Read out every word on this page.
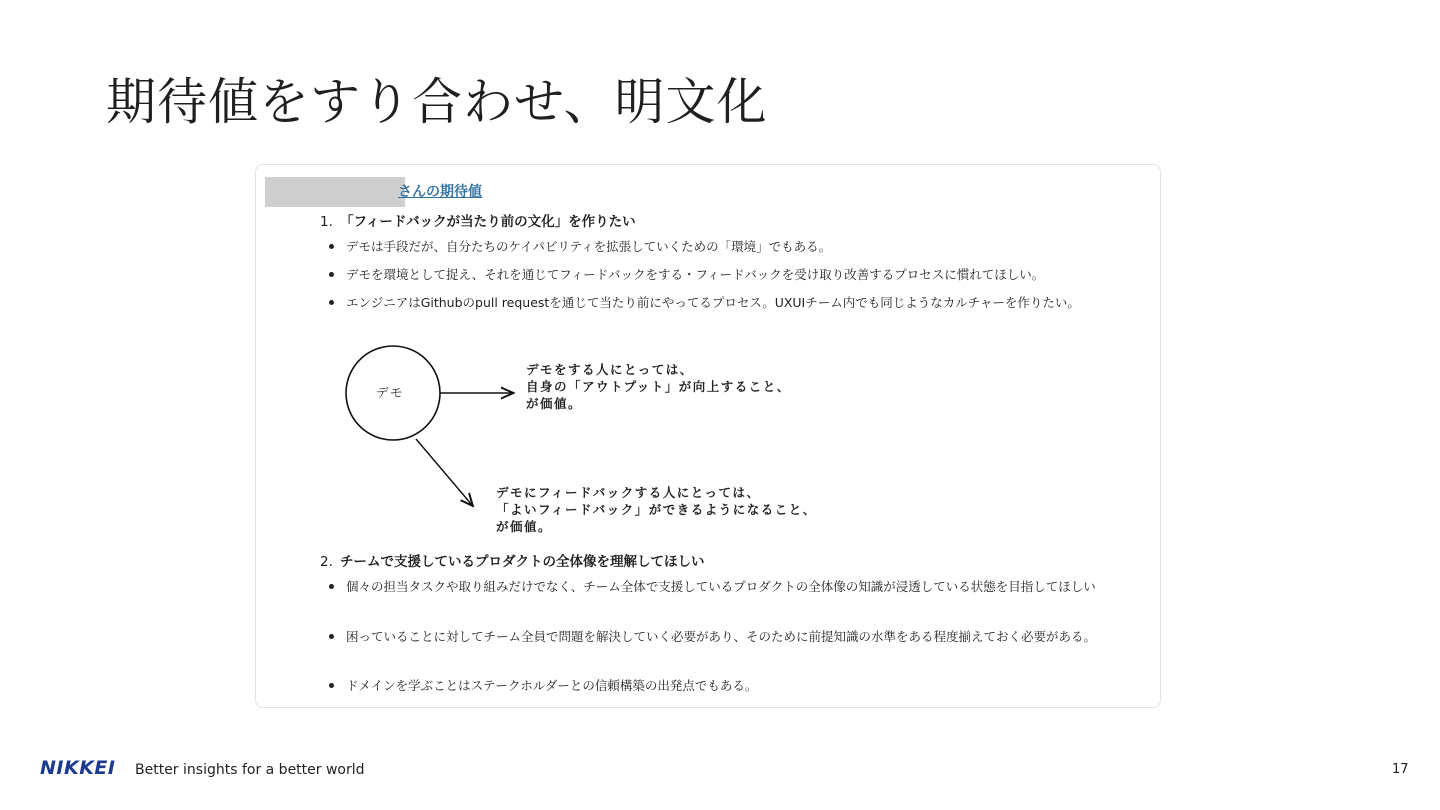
期待値をすり合わせ、明文化
さんの期待値
1. 「フィードバックが当たり前の文化」を作りたい
デモは手段だが、自分たちのケイパビリティを拡張していくための「環境」でもある。
デモを環境として捉え、それを通じてフィードバックをする・フィードバックを受け取り改善するプロセスに慣れてほしい。
エンジニアはGithubのpull requestを通じて当たり前にやってるプロセス。UXUIチーム内でも同じようなカルチャーを作りたい。
デモ
デモをする人にとっては、
自身の「アウトプット」が向上すること、
が価値。
デモにフィードバックする人にとっては、
「よいフィードバック」ができるようになること、
が価値。
2. チームで支援しているプロダクトの全体像を理解してほしい
個々の担当タスクや取り組みだけでなく、チーム全体で支援しているプロダクトの全体像の知識が浸透している状態を目指してほしい
困っていることに対してチーム全員で問題を解決していく必要があり、そのために前提知識の水準をある程度揃えておく必要がある。
ドメインを学ぶことはステークホルダーとの信頼構築の出発点でもある。
NIKKEI Better insights for a better world	17
